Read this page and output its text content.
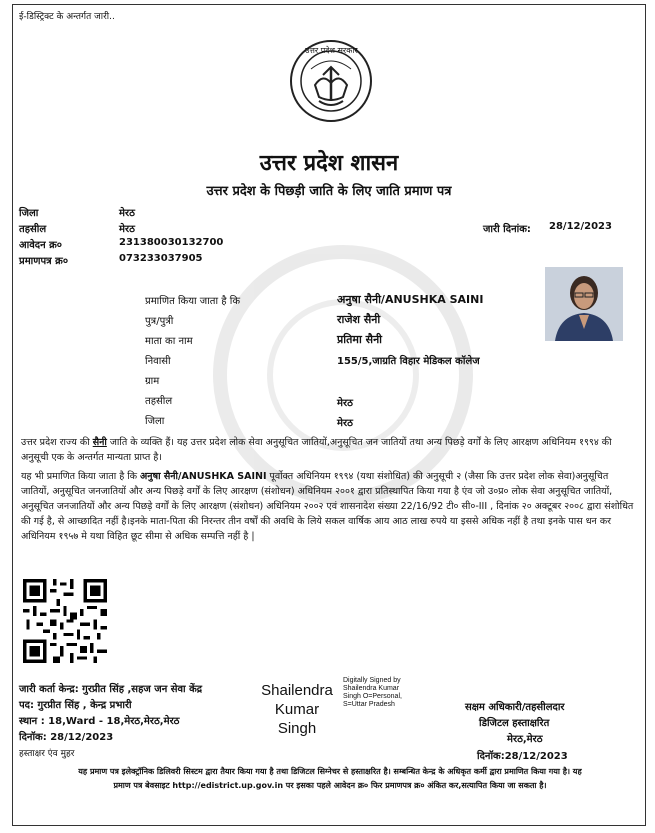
ई-डिस्ट्रिक्ट के अन्तर्गत जारी..
उत्तर प्रदेश सरकार
उत्तर प्रदेश शासन
उत्तर प्रदेश के पिछड़ी जाति के लिए जाति प्रमाण पत्र
जिला	मेरठ
तहसील	मेरठ
आवेदन क्र०	231380030132700
प्रमाणपत्र क्र०	073233037905
जारी दिनांक: 28/12/2023
प्रमाणित किया जाता है कि	अनुषा सैनी/ANUSHKA SAINI
पुत्र/पुत्री	राजेश सैनी
माता का नाम	प्रतिमा सैनी
निवासी	155/5,जाग्रति विहार मेडिकल कॉलेज
ग्राम
तहसील	मेरठ
जिला	मेरठ
उत्तर प्रदेश राज्य की सैनी जाति के व्यक्ति हैं। यह उत्तर प्रदेश लोक सेवा अनुसूचित जातियों,अनुसूचित जन जातियों तथा अन्य पिछड़े वर्गों के लिए आरक्षण अधिनियम १९९४ की अनुसूची एक के अन्तर्गत मान्यता प्राप्त है।
यह भी प्रमाणित किया जाता है कि अनुषा सैनी/ANUSHKA SAINI पूर्वोक्त अधिनियम १९९४ (यथा संशोधित) की अनुसूची २ (जैसा कि उत्तर प्रदेश लोक सेवा)अनुसूचित जातियों, अनुसूचित जनजातियों और अन्य पिछड़े वर्गों के लिए आरक्षण (संशोधन) अधिनियम २००१ द्वारा प्रतिस्थापित किया गया है एंव जो उ०प्र० लोक सेवा अनुसूचित जातियों, अनुसूचित जनजातियों और अन्य पिछड़े वर्गों के लिए आरक्षण (संशोधन) अधिनियम २००२ एवं शासनादेश संख्या 22/16/92 टी० सी०-III , दिनांक २० अक्टूबर २००८ द्वारा संशोधित की गई है, से आच्छादित नहीं है।इनके माता-पिता की निरन्तर तीन वर्षों की अवधि के लिये सकल वार्षिक आय आठ लाख रुपये या इससे अधिक नहीं है तथा इनके पास धन कर अधिनियम १९५७ मे यथा विहित छूट सीमा से अधिक सम्पत्ति नहीं है |
जारी कर्ता केन्द्र: गुरप्रीत सिंह ,सहज जन सेवा केंद्र
पद: गुरप्रीत सिंह , केन्द्र प्रभारी
स्थान : 18,Ward - 18,मेरठ,मेरठ,मेरठ
दिनॉक: 28/12/2023
हस्ताक्षर एंव मुहर
Shailendra
Kumar
Singh
Digitally Signed by
Shailendra Kumar
Singh O=Personal,
S=Uttar Pradesh	सक्षम अधिकारी/तहसीलदार
डिजिटल हस्ताक्षरित
मेरठ,मेरठ
दिनॉक:28/12/2023
यह प्रमाण पत्र इलेक्ट्रॉनिक डिलिवरी सिस्टम द्वारा तैयार किया गया है तथा डिजिटल सिग्नेचर से हस्ताक्षरित है। सम्बन्धित केन्द्र के अधिकृत कर्मी द्वारा प्रमाणित किया गया है। यह
प्रमाण पत्र बेवसाइट http://edistrict.up.gov.in पर इसका पहले आवेदन क्र० फिर प्रमाणपत्र क्र० अंकित कर,सत्यापित किया जा सकता है।
